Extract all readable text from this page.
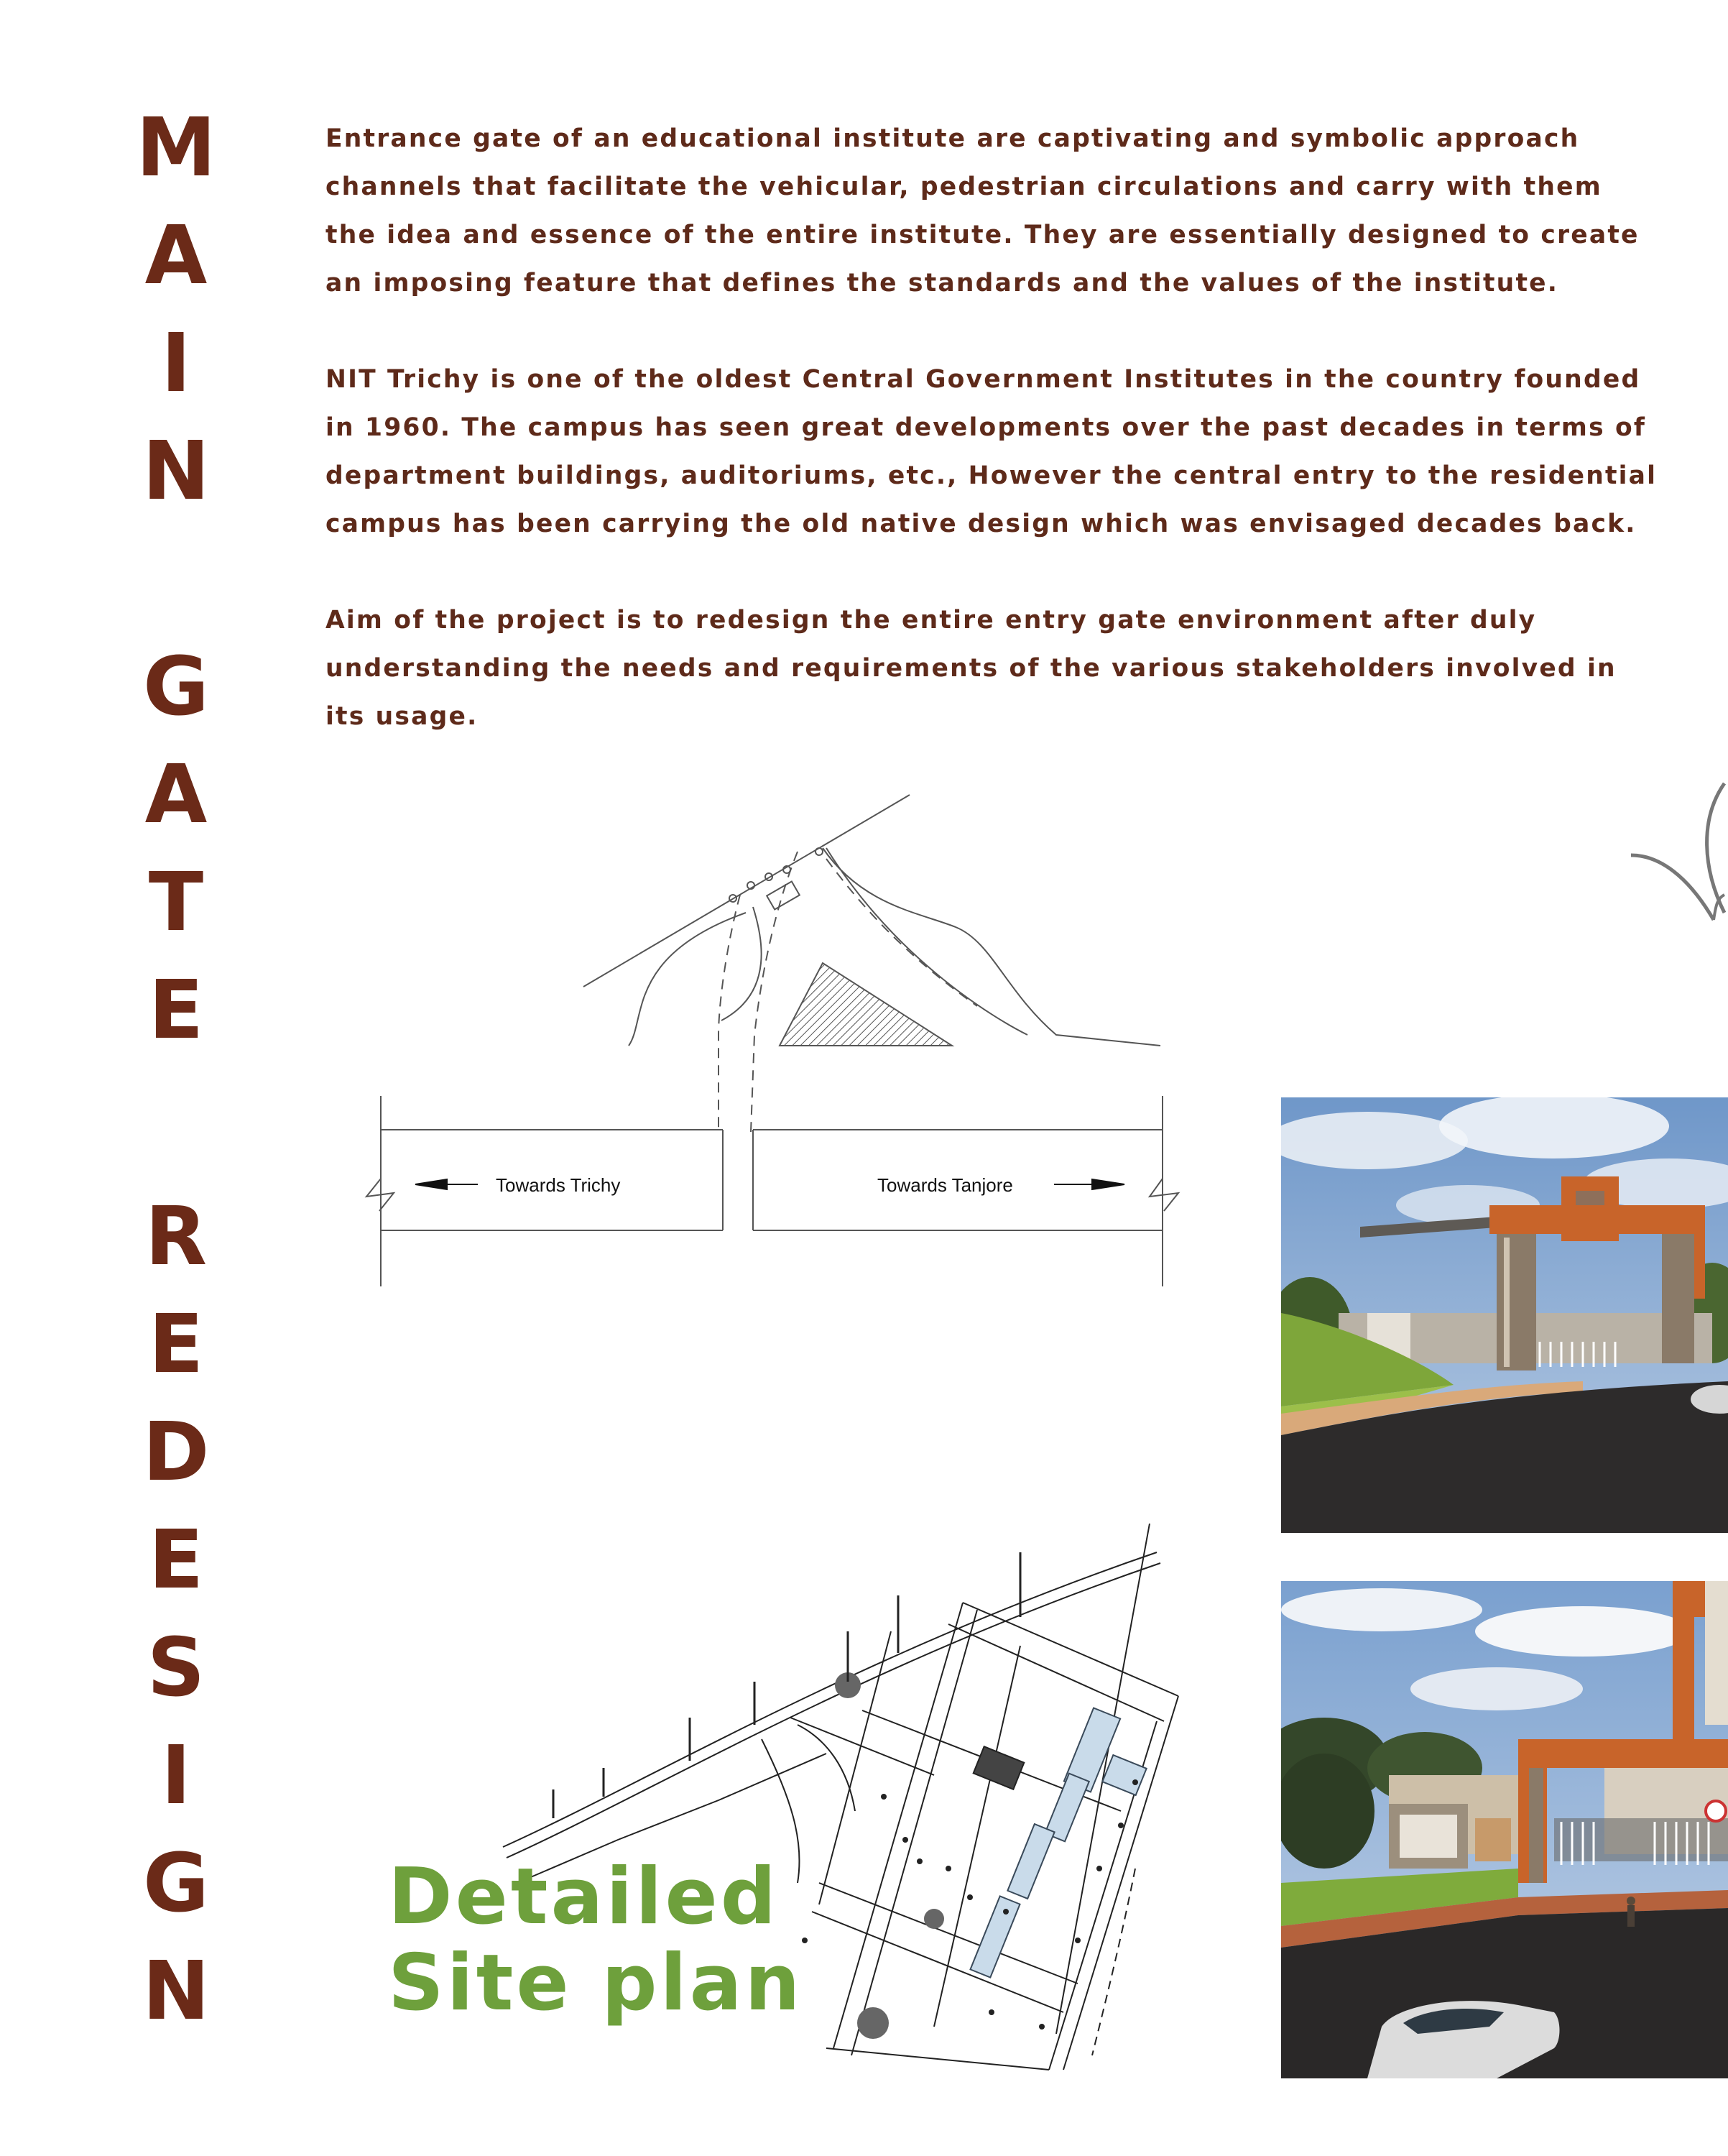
M
A
I
N
G
A
T
E
R
E
D
E
S
I
G
N

Entrance gate of an educational institute are captivating and symbolic approach channels that facilitate the vehicular, pedestrian circulations and carry with them the idea and essence of the entire institute. They are essentially designed to create an imposing feature that defines the standards and the values of the institute.

NIT Trichy is one of the oldest Central Government Institutes in the country founded in 1960. The campus has seen great developments over the past decades in terms of department buildings, auditoriums, etc., However the central entry to the residential campus has been carrying the old native design which was envisaged decades back.

Aim of the project is to redesign the entire entry gate environment after duly understanding the needs and requirements of the various stakeholders involved in its usage.

Towards Trichy	Towards Tanjore
Detailed
Site plan
